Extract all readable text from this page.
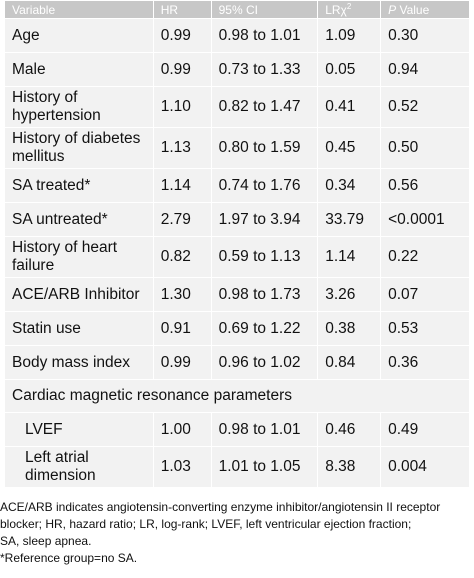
Variable	HR	95% CI	LRχ$^2$	P Value
Age	0.99	0.98 to 1.01	1.09	0.30
Male	0.99	0.73 to 1.33	0.05	0.94

History of
hypertension	1.10	0.82 to 1.47	0.41	0.52

History of diabetes
mellitus	1.13	0.80 to 1.59	0.45	0.50
SA treated*	1.14	0.74 to 1.76	0.34	0.56
SA untreated*	2.79	1.97 to 3.94	33.79	<0.0001

History of heart
failure	0.82	0.59 to 1.13	1.14	0.22
ACE/ARB Inhibitor	1.30	0.98 to 1.73	3.26	0.07
Statin use	0.91	0.69 to 1.22	0.38	0.53
Body mass index	0.99	0.96 to 1.02	0.84	0.36
Cardiac magnetic resonance parameters				
LVEF	1.00	0.98 to 1.01	0.46	0.49

Left atrial
dimension	1.03	1.01 to 1.05	8.38	0.004
ACE/ARB indicates angiotensin-converting enzyme inhibitor/angiotensin II receptor
blocker; HR, hazard ratio; LR, log-rank; LVEF, left ventricular ejection fraction;
SA, sleep apnea.
*Reference group=no SA.
